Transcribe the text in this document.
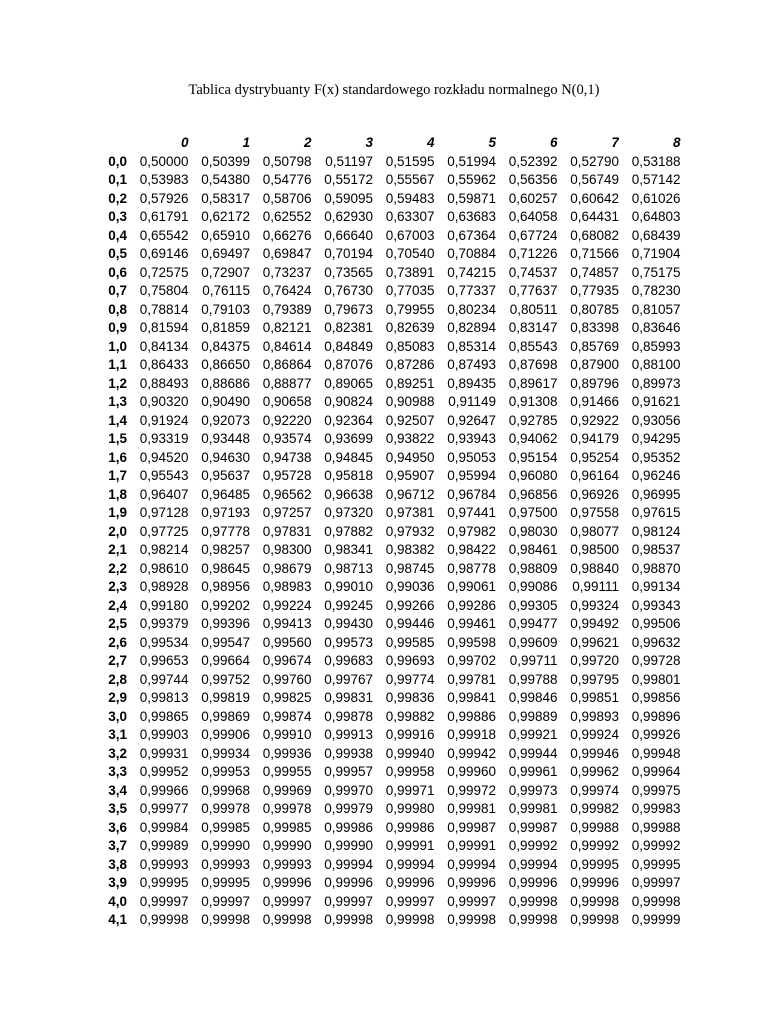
Tablica dystrybuanty F(x) standardowego rozkładu normalnego N(0,1)
	0	1	2	3	4	5	6	7	8
0,0	0,50000	0,50399	0,50798	0,51197	0,51595	0,51994	0,52392	0,52790	0,53188
0,1	0,53983	0,54380	0,54776	0,55172	0,55567	0,55962	0,56356	0,56749	0,57142
0,2	0,57926	0,58317	0,58706	0,59095	0,59483	0,59871	0,60257	0,60642	0,61026
0,3	0,61791	0,62172	0,62552	0,62930	0,63307	0,63683	0,64058	0,64431	0,64803
0,4	0,65542	0,65910	0,66276	0,66640	0,67003	0,67364	0,67724	0,68082	0,68439
0,5	0,69146	0,69497	0,69847	0,70194	0,70540	0,70884	0,71226	0,71566	0,71904
0,6	0,72575	0,72907	0,73237	0,73565	0,73891	0,74215	0,74537	0,74857	0,75175
0,7	0,75804	0,76115	0,76424	0,76730	0,77035	0,77337	0,77637	0,77935	0,78230
0,8	0,78814	0,79103	0,79389	0,79673	0,79955	0,80234	0,80511	0,80785	0,81057
0,9	0,81594	0,81859	0,82121	0,82381	0,82639	0,82894	0,83147	0,83398	0,83646
1,0	0,84134	0,84375	0,84614	0,84849	0,85083	0,85314	0,85543	0,85769	0,85993
1,1	0,86433	0,86650	0,86864	0,87076	0,87286	0,87493	0,87698	0,87900	0,88100
1,2	0,88493	0,88686	0,88877	0,89065	0,89251	0,89435	0,89617	0,89796	0,89973
1,3	0,90320	0,90490	0,90658	0,90824	0,90988	0,91149	0,91308	0,91466	0,91621
1,4	0,91924	0,92073	0,92220	0,92364	0,92507	0,92647	0,92785	0,92922	0,93056
1,5	0,93319	0,93448	0,93574	0,93699	0,93822	0,93943	0,94062	0,94179	0,94295
1,6	0,94520	0,94630	0,94738	0,94845	0,94950	0,95053	0,95154	0,95254	0,95352
1,7	0,95543	0,95637	0,95728	0,95818	0,95907	0,95994	0,96080	0,96164	0,96246
1,8	0,96407	0,96485	0,96562	0,96638	0,96712	0,96784	0,96856	0,96926	0,96995
1,9	0,97128	0,97193	0,97257	0,97320	0,97381	0,97441	0,97500	0,97558	0,97615
2,0	0,97725	0,97778	0,97831	0,97882	0,97932	0,97982	0,98030	0,98077	0,98124
2,1	0,98214	0,98257	0,98300	0,98341	0,98382	0,98422	0,98461	0,98500	0,98537
2,2	0,98610	0,98645	0,98679	0,98713	0,98745	0,98778	0,98809	0,98840	0,98870
2,3	0,98928	0,98956	0,98983	0,99010	0,99036	0,99061	0,99086	0,99111	0,99134
2,4	0,99180	0,99202	0,99224	0,99245	0,99266	0,99286	0,99305	0,99324	0,99343
2,5	0,99379	0,99396	0,99413	0,99430	0,99446	0,99461	0,99477	0,99492	0,99506
2,6	0,99534	0,99547	0,99560	0,99573	0,99585	0,99598	0,99609	0,99621	0,99632
2,7	0,99653	0,99664	0,99674	0,99683	0,99693	0,99702	0,99711	0,99720	0,99728
2,8	0,99744	0,99752	0,99760	0,99767	0,99774	0,99781	0,99788	0,99795	0,99801
2,9	0,99813	0,99819	0,99825	0,99831	0,99836	0,99841	0,99846	0,99851	0,99856
3,0	0,99865	0,99869	0,99874	0,99878	0,99882	0,99886	0,99889	0,99893	0,99896
3,1	0,99903	0,99906	0,99910	0,99913	0,99916	0,99918	0,99921	0,99924	0,99926
3,2	0,99931	0,99934	0,99936	0,99938	0,99940	0,99942	0,99944	0,99946	0,99948
3,3	0,99952	0,99953	0,99955	0,99957	0,99958	0,99960	0,99961	0,99962	0,99964
3,4	0,99966	0,99968	0,99969	0,99970	0,99971	0,99972	0,99973	0,99974	0,99975
3,5	0,99977	0,99978	0,99978	0,99979	0,99980	0,99981	0,99981	0,99982	0,99983
3,6	0,99984	0,99985	0,99985	0,99986	0,99986	0,99987	0,99987	0,99988	0,99988
3,7	0,99989	0,99990	0,99990	0,99990	0,99991	0,99991	0,99992	0,99992	0,99992
3,8	0,99993	0,99993	0,99993	0,99994	0,99994	0,99994	0,99994	0,99995	0,99995
3,9	0,99995	0,99995	0,99996	0,99996	0,99996	0,99996	0,99996	0,99996	0,99997
4,0	0,99997	0,99997	0,99997	0,99997	0,99997	0,99997	0,99998	0,99998	0,99998
4,1	0,99998	0,99998	0,99998	0,99998	0,99998	0,99998	0,99998	0,99998	0,99999
